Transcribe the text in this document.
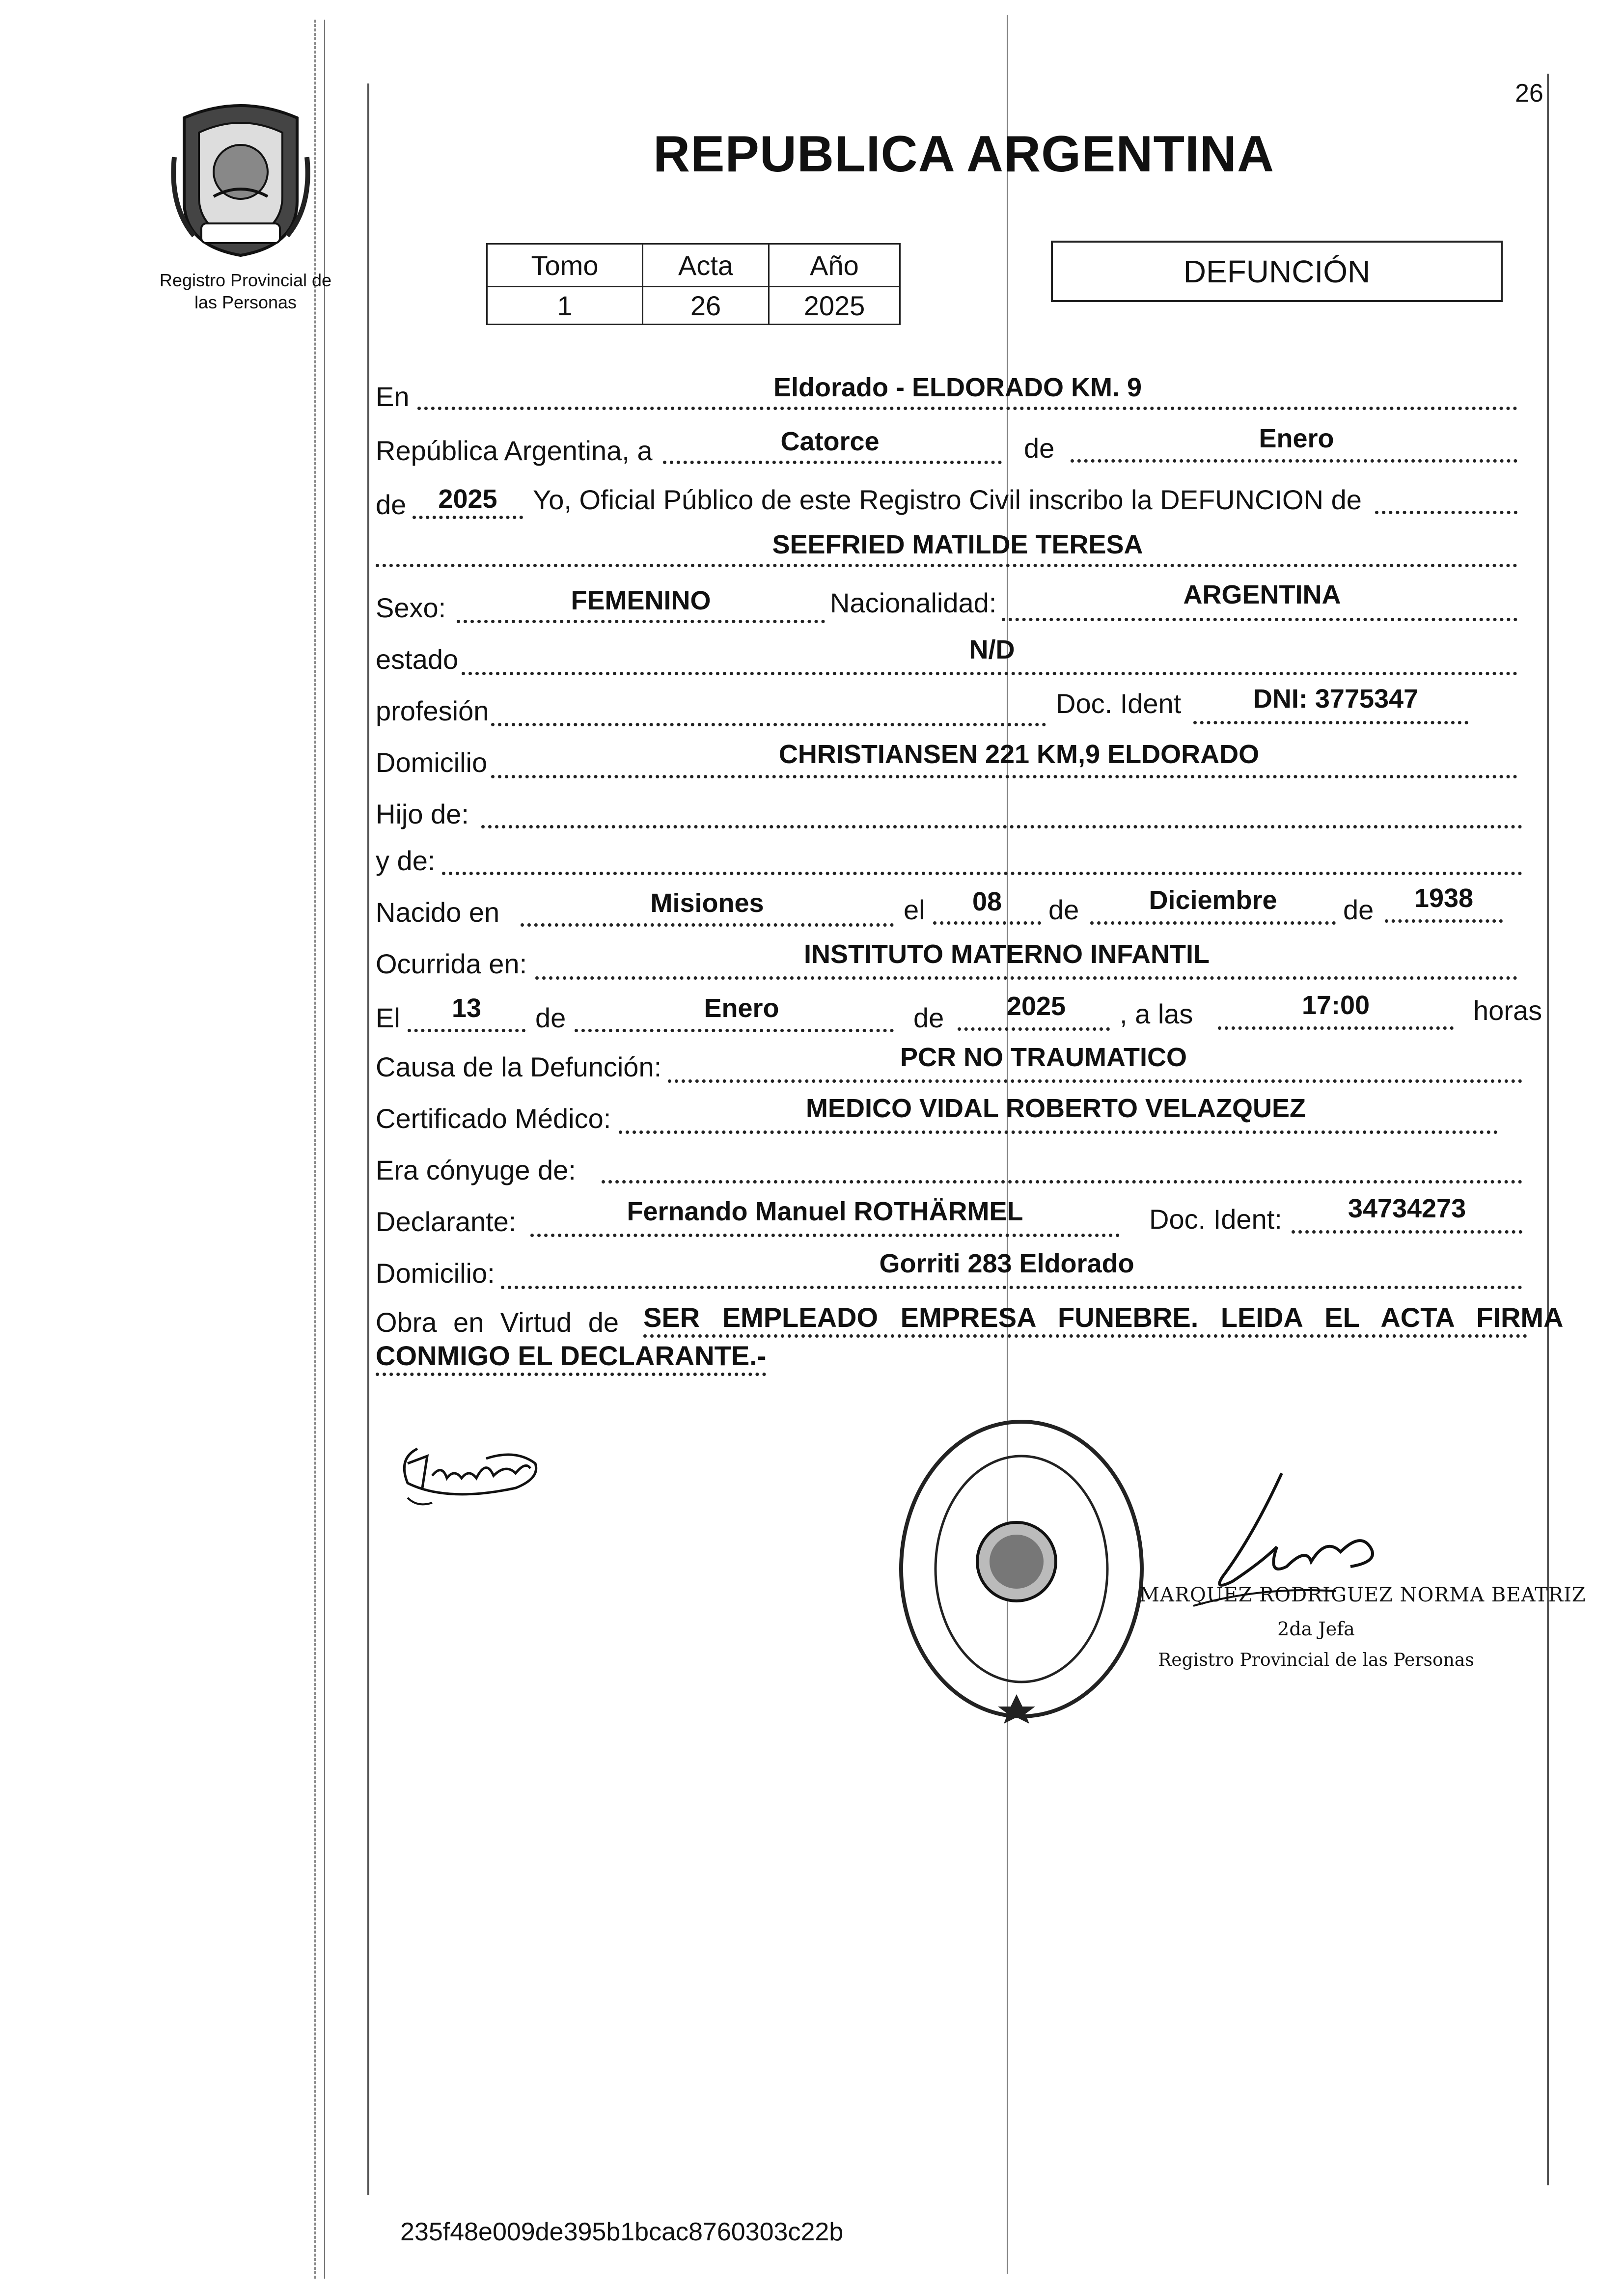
26
Registro Provincial de
las Personas
REPUBLICA ARGENTINA
Tomo	Acta	Año
1	26	2025
DEFUNCIÓN
En	Eldorado - ELDORADO KM. 9
República Argentina, a	Catorce	de	Enero
de	2025	Yo, Oficial Público de este Registro Civil inscribo la DEFUNCION de
SEEFRIED MATILDE TERESA
Sexo:	FEMENINO	Nacionalidad:	ARGENTINA
estado	N/D
profesión	Doc. Ident	DNI: 3775347
Domicilio	CHRISTIANSEN 221 KM,9 ELDORADO
Hijo de:
y de:
Nacido en	Misiones	el	08	de	Diciembre	de	1938
Ocurrida en:	INSTITUTO MATERNO INFANTIL
El	13	de	Enero	de	2025	, a las	17:00	horas
Causa de la Defunción:	PCR NO TRAUMATICO
Certificado Médico:	MEDICO VIDAL ROBERTO VELAZQUEZ
Era cónyuge de:
Declarante:	Fernando Manuel ROTHÄRMEL	Doc. Ident:	34734273
Domicilio:	Gorriti 283 Eldorado
Obra en Virtud de SER EMPLEADO EMPRESA FUNEBRE. LEIDA EL ACTA FIRMA
CONMIGO EL DECLARANTE.-
MARQUEZ RODRIGUEZ NORMA BEATRIZ
2da Jefa
Registro Provincial de las Personas
235f48e009de395b1bcac8760303c22b
